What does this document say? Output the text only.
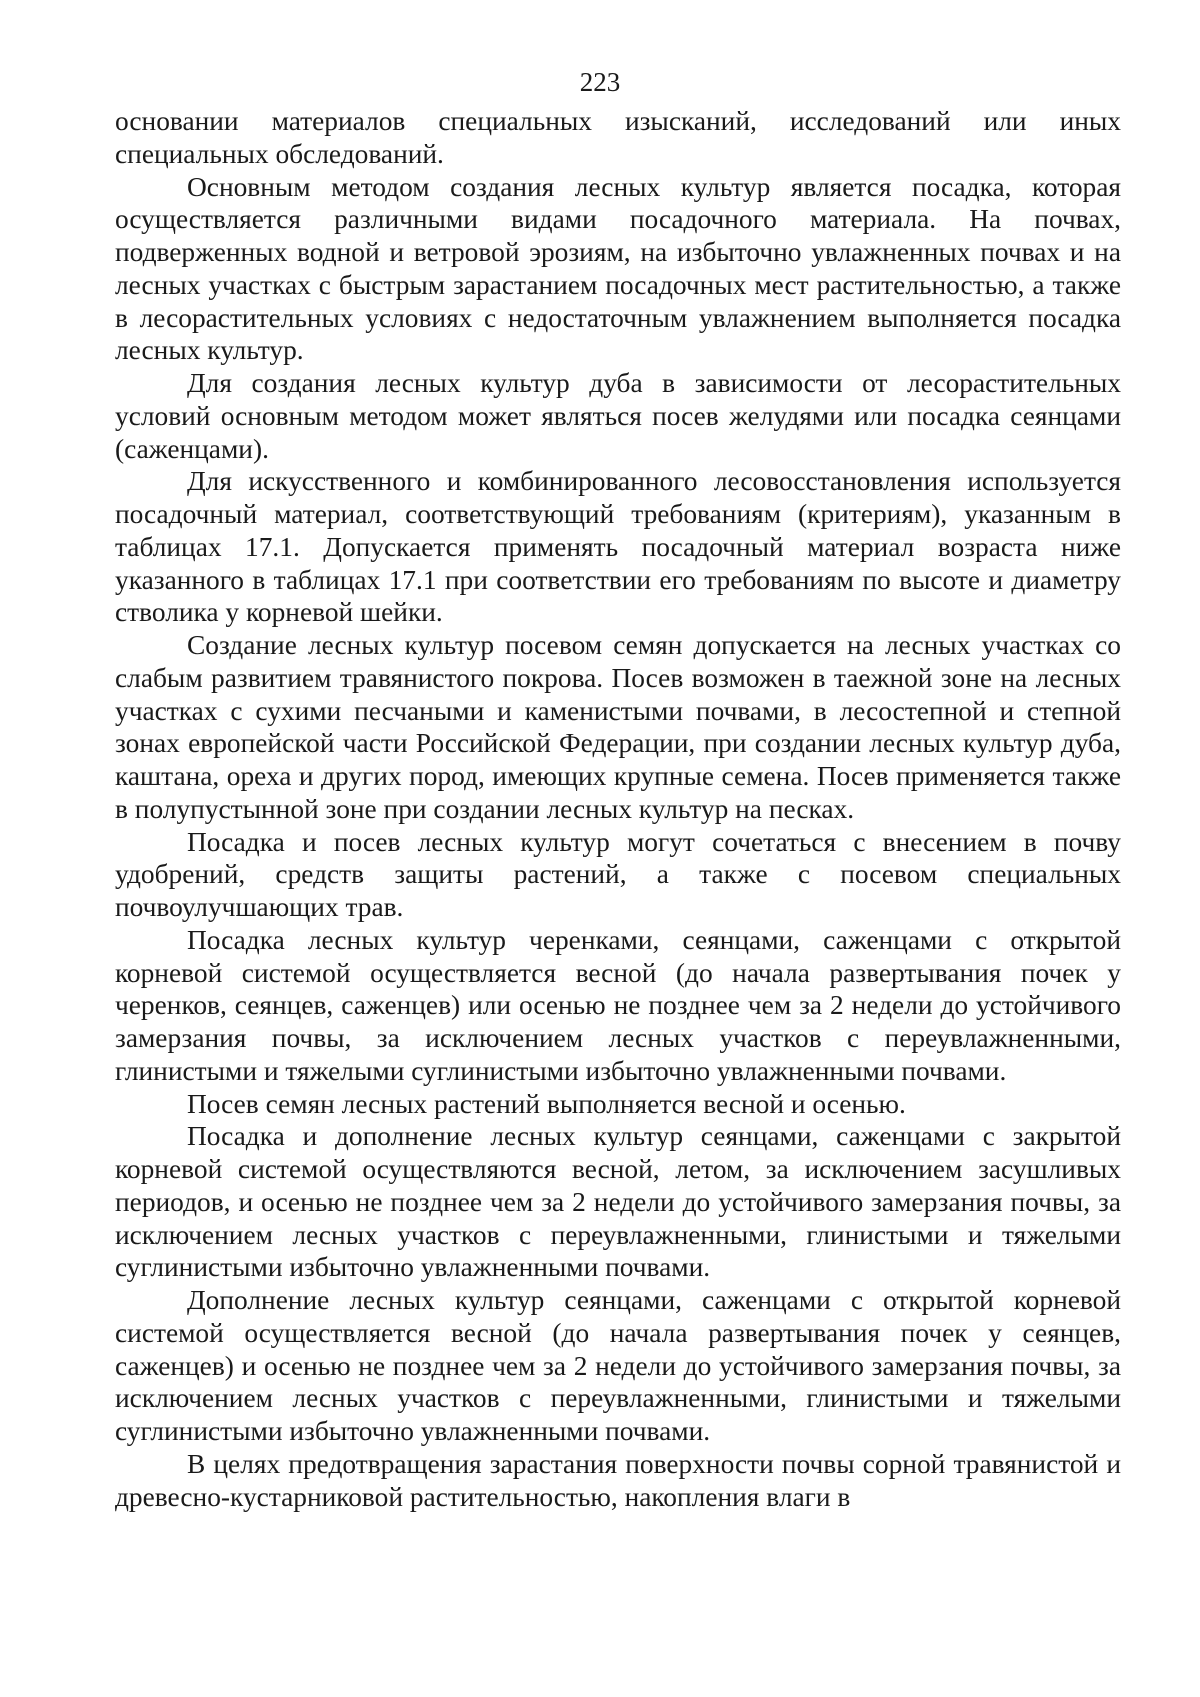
223

основании материалов специальных изысканий, исследований или иных специальных обследований.

Основным методом создания лесных культур является посадка, которая осуществляется различными видами посадочного материала. На почвах, подверженных водной и ветровой эрозиям, на избыточно увлажненных почвах и на лесных участках с быстрым зарастанием посадочных мест растительностью, а также в лесорастительных условиях с недостаточным увлажнением выполняется посадка лесных культур.

Для создания лесных культур дуба в зависимости от лесорастительных условий основным методом может являться посев желудями или посадка сеянцами (саженцами).

Для искусственного и комбинированного лесовосстановления используется посадочный материал, соответствующий требованиям (критериям), указанным в таблицах 17.1. Допускается применять посадочный материал возраста ниже указанного в таблицах 17.1 при соответствии его требованиям по высоте и диаметру стволика у корневой шейки.

Создание лесных культур посевом семян допускается на лесных участках со слабым развитием травянистого покрова. Посев возможен в таежной зоне на лесных участках с сухими песчаными и каменистыми почвами, в лесостепной и степной зонах европейской части Российской Федерации, при создании лесных культур дуба, каштана, ореха и других пород, имеющих крупные семена. Посев применяется также в полупустынной зоне при создании лесных культур на песках.

Посадка и посев лесных культур могут сочетаться с внесением в почву удобрений, средств защиты растений, а также с посевом специальных почвоулучшающих трав.

Посадка лесных культур черенками, сеянцами, саженцами с открытой корневой системой осуществляется весной (до начала развертывания почек у черенков, сеянцев, саженцев) или осенью не позднее чем за 2 недели до устойчивого замерзания почвы, за исключением лесных участков с переувлажненными, глинистыми и тяжелыми суглинистыми избыточно увлажненными почвами.

Посев семян лесных растений выполняется весной и осенью.

Посадка и дополнение лесных культур сеянцами, саженцами с закрытой корневой системой осуществляются весной, летом, за исключением засушливых периодов, и осенью не позднее чем за 2 недели до устойчивого замерзания почвы, за исключением лесных участков с переувлажненными, глинистыми и тяжелыми суглинистыми избыточно увлажненными почвами.

Дополнение лесных культур сеянцами, саженцами с открытой корневой системой осуществляется весной (до начала развертывания почек у сеянцев, саженцев) и осенью не позднее чем за 2 недели до устойчивого замерзания почвы, за исключением лесных участков с переувлажненными, глинистыми и тяжелыми суглинистыми избыточно увлажненными почвами.

В целях предотвращения зарастания поверхности почвы сорной травянистой и древесно-кустарниковой растительностью, накопления влаги в
